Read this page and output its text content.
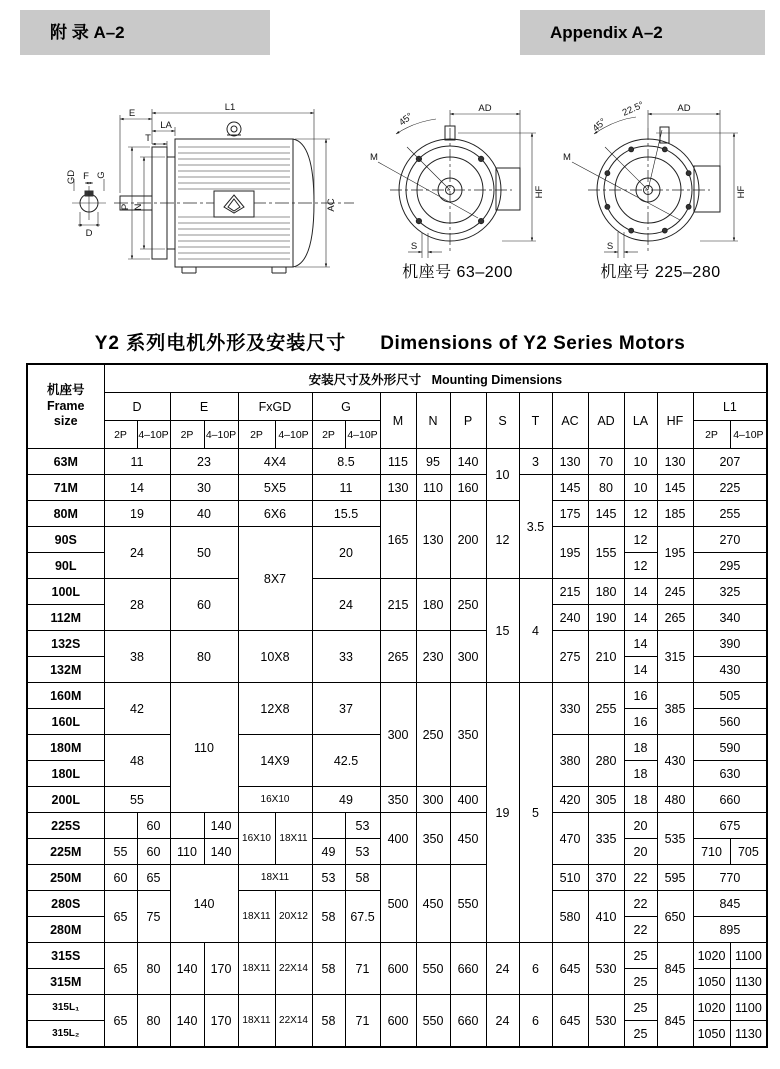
附 录 A–2	Appendix A–2
E
L1
LA
T
GD F G
D
P N	AC
45°
AD
M
HF
S
22.5°
45°
AD
M
HF
S
机座号 63–200	机座号 225–280
Y2 系列电机外形及安装尺寸 Dimensions of Y2 Series Motors
机座号
Frame
size	安装尺寸及外形尺寸 Mounting Dimensions																		
	D		E		FxGD		G		M	N	P	S	T	AC	AD	LA	HF	L1	
	2P	4–10P	2P	4–10P	2P	4–10P	2P	4–10P										2P	4–10P
63M	11		23		4X4		8.5		115	95	140	10	3	130	70	10	130	207	
71M	14		30		5X5		11		130	110	160		3.5	145	80	10	145	225	
80M	19		40		6X6		15.5		165	130	200	12		175	145	12	185	255	
90S	24		50		8X7		20							195	155	12	195	270	
90L																12		295	
100L	28		60				24		215	180	250	15	4	215	180	14	245	325	
112M														240	190	14	265	340	
132S	38		80		10X8		33		265	230	300			275	210	14	315	390	
132M																14		430	
160M	42		110		12X8		37		300	250	350	19	5	330	255	16	385	505	
160L																16		560	
180M	48				14X9		42.5							380	280	18	430	590	
180L																18		630	
200L	55				16X10		49		350	300	400			420	305	18	480	660	
225S		60		140	16X10	18X11		53	400	350	450			470	335	20	535	675	
225M	55	60	110	140			49	53								20		710	705
250M	60	65	140		18X11		53	58	500	450	550			510	370	22	595	770	
280S	65	75			18X11	20X12	58	67.5						580	410	22	650	845	
280M																22		895	
315S	65	80	140	170	18X11	22X14	58	71	600	550	660	24	6	645	530	25	845	1020	1100
315M																25		1050	1130
315L₁	65	80	140	170	18X11	22X14	58	71	600	550	660	24	6	645	530	25	845	1020	1100
315L₂																25		1050	1130
